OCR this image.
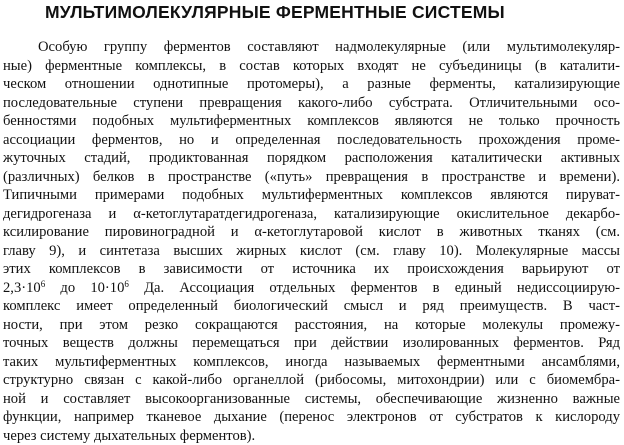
МУЛЬТИМОЛЕКУЛЯРНЫЕ ФЕРМЕНТНЫЕ СИСТЕМЫ
Особую группу ферментов составляют надмолекулярные (или мультимолекуляр-
ные) ферментные комплексы, в состав которых входят не субъединицы (в каталити-
ческом отношении однотипные протомеры), а разные ферменты, катализирующие
последовательные ступени превращения какого-либо субстрата. Отличительными осо-
бенностями подобных мультиферментных комплексов являются не только прочность
ассоциации ферментов, но и определенная последовательность прохождения проме-
жуточных стадий, продиктованная порядком расположения каталитически активных
(различных) белков в пространстве («путь» превращения в пространстве и времени).
Типичными примерами подобных мультиферментных комплексов являются пируват-
дегидрогеназа и α-кетоглутаратдегидрогеназа, катализирующие окислительное декарбо-
ксилирование пировиноградной и α-кетоглутаровой кислот в животных тканях (см.
главу 9), и синтетаза высших жирных кислот (см. главу 10). Молекулярные массы
этих комплексов в зависимости от источника их происхождения варьируют от
$2,3\cdot 10^6$ до $10\cdot 10^6$ Да. Ассоциация отдельных ферментов в единый недиссоциирую-
комплекс имеет определенный биологический смысл и ряд преимуществ. В част-
ности, при этом резко сокращаются расстояния, на которые молекулы промежу-
точных веществ должны перемещаться при действии изолированных ферментов. Ряд
таких мультиферментных комплексов, иногда называемых ферментными ансамблями,
структурно связан с какой-либо органеллой (рибосомы, митохондрии) или с биомембра-
ной и составляет высокоорганизованные системы, обеспечивающие жизненно важные
функции, например тканевое дыхание (перенос электронов от субстратов к кислороду
через систему дыхательных ферментов).
